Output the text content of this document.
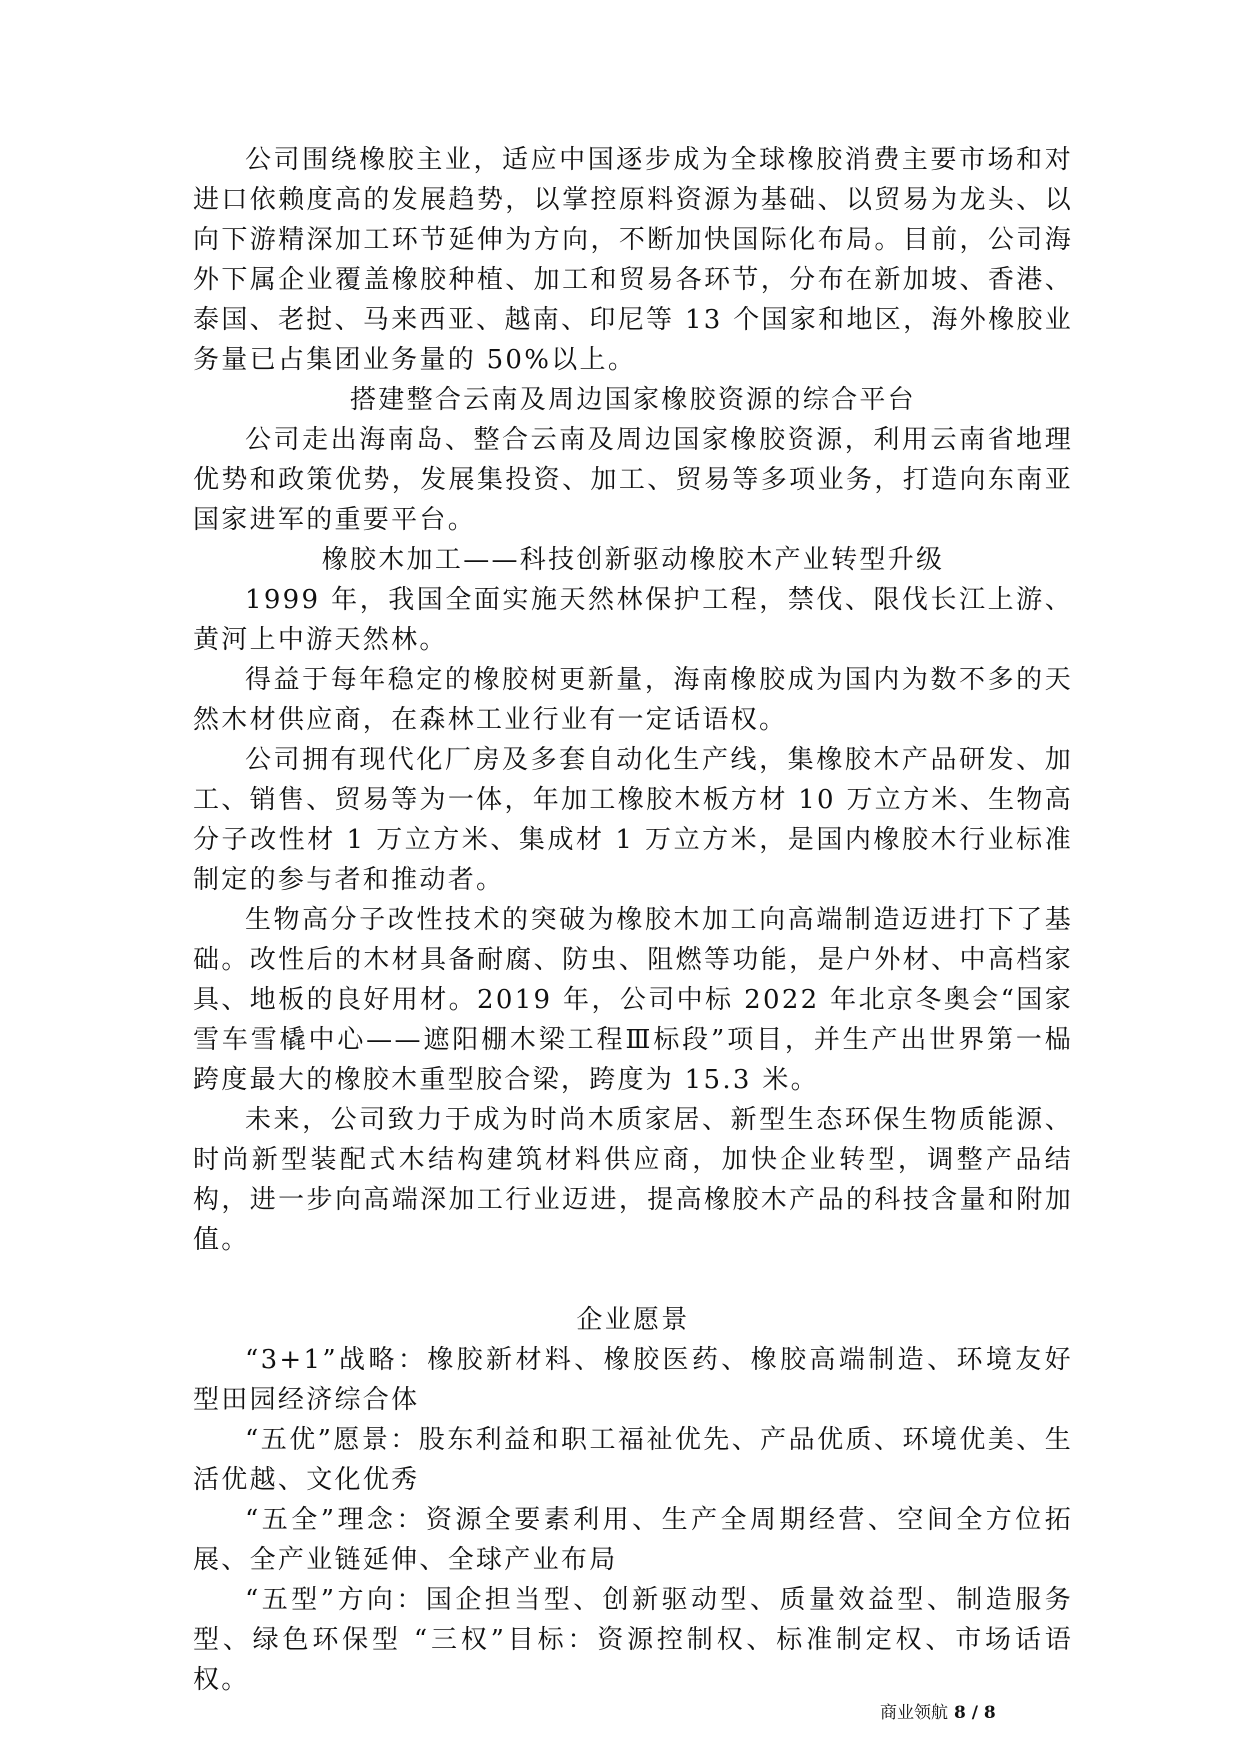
公司围绕橡胶主业，适应中国逐步成为全球橡胶消费主要市场和对进口依赖度高的发展趋势，以掌控原料资源为基础、以贸易为龙头、以向下游精深加工环节延伸为方向，不断加快国际化布局。目前，公司海外下属企业覆盖橡胶种植、加工和贸易各环节，分布在新加坡、香港、泰国、老挝、马来西亚、越南、印尼等 13 个国家和地区，海外橡胶业务量已占集团业务量的 50%以上。

搭建整合云南及周边国家橡胶资源的综合平台

公司走出海南岛、整合云南及周边国家橡胶资源，利用云南省地理优势和政策优势，发展集投资、加工、贸易等多项业务，打造向东南亚国家进军的重要平台。

橡胶木加工——科技创新驱动橡胶木产业转型升级

1999 年，我国全面实施天然林保护工程，禁伐、限伐长江上游、黄河上中游天然林。

得益于每年稳定的橡胶树更新量，海南橡胶成为国内为数不多的天然木材供应商，在森林工业行业有一定话语权。

公司拥有现代化厂房及多套自动化生产线，集橡胶木产品研发、加工、销售、贸易等为一体，年加工橡胶木板方材 10 万立方米、生物高分子改性材 1 万立方米、集成材 1 万立方米，是国内橡胶木行业标准制定的参与者和推动者。

生物高分子改性技术的突破为橡胶木加工向高端制造迈进打下了基础。改性后的木材具备耐腐、防虫、阻燃等功能，是户外材、中高档家具、地板的良好用材。2019 年，公司中标 2022 年北京冬奥会“国家雪车雪橇中心——遮阳棚木梁工程Ⅲ标段”项目，并生产出世界第一榀跨度最大的橡胶木重型胶合梁，跨度为 15.3 米。

未来，公司致力于成为时尚木质家居、新型生态环保生物质能源、时尚新型装配式木结构建筑材料供应商，加快企业转型，调整产品结构，进一步向高端深加工行业迈进，提高橡胶木产品的科技含量和附加值。

企业愿景

“3+1”战略：橡胶新材料、橡胶医药、橡胶高端制造、环境友好型田园经济综合体

“五优”愿景：股东利益和职工福祉优先、产品优质、环境优美、生活优越、文化优秀

“五全”理念：资源全要素利用、生产全周期经营、空间全方位拓展、全产业链延伸、全球产业布局

“五型”方向：国企担当型、创新驱动型、质量效益型、制造服务型、绿色环保型 “三权”目标：资源控制权、标准制定权、市场话语权。

商业领航 8 / 8
